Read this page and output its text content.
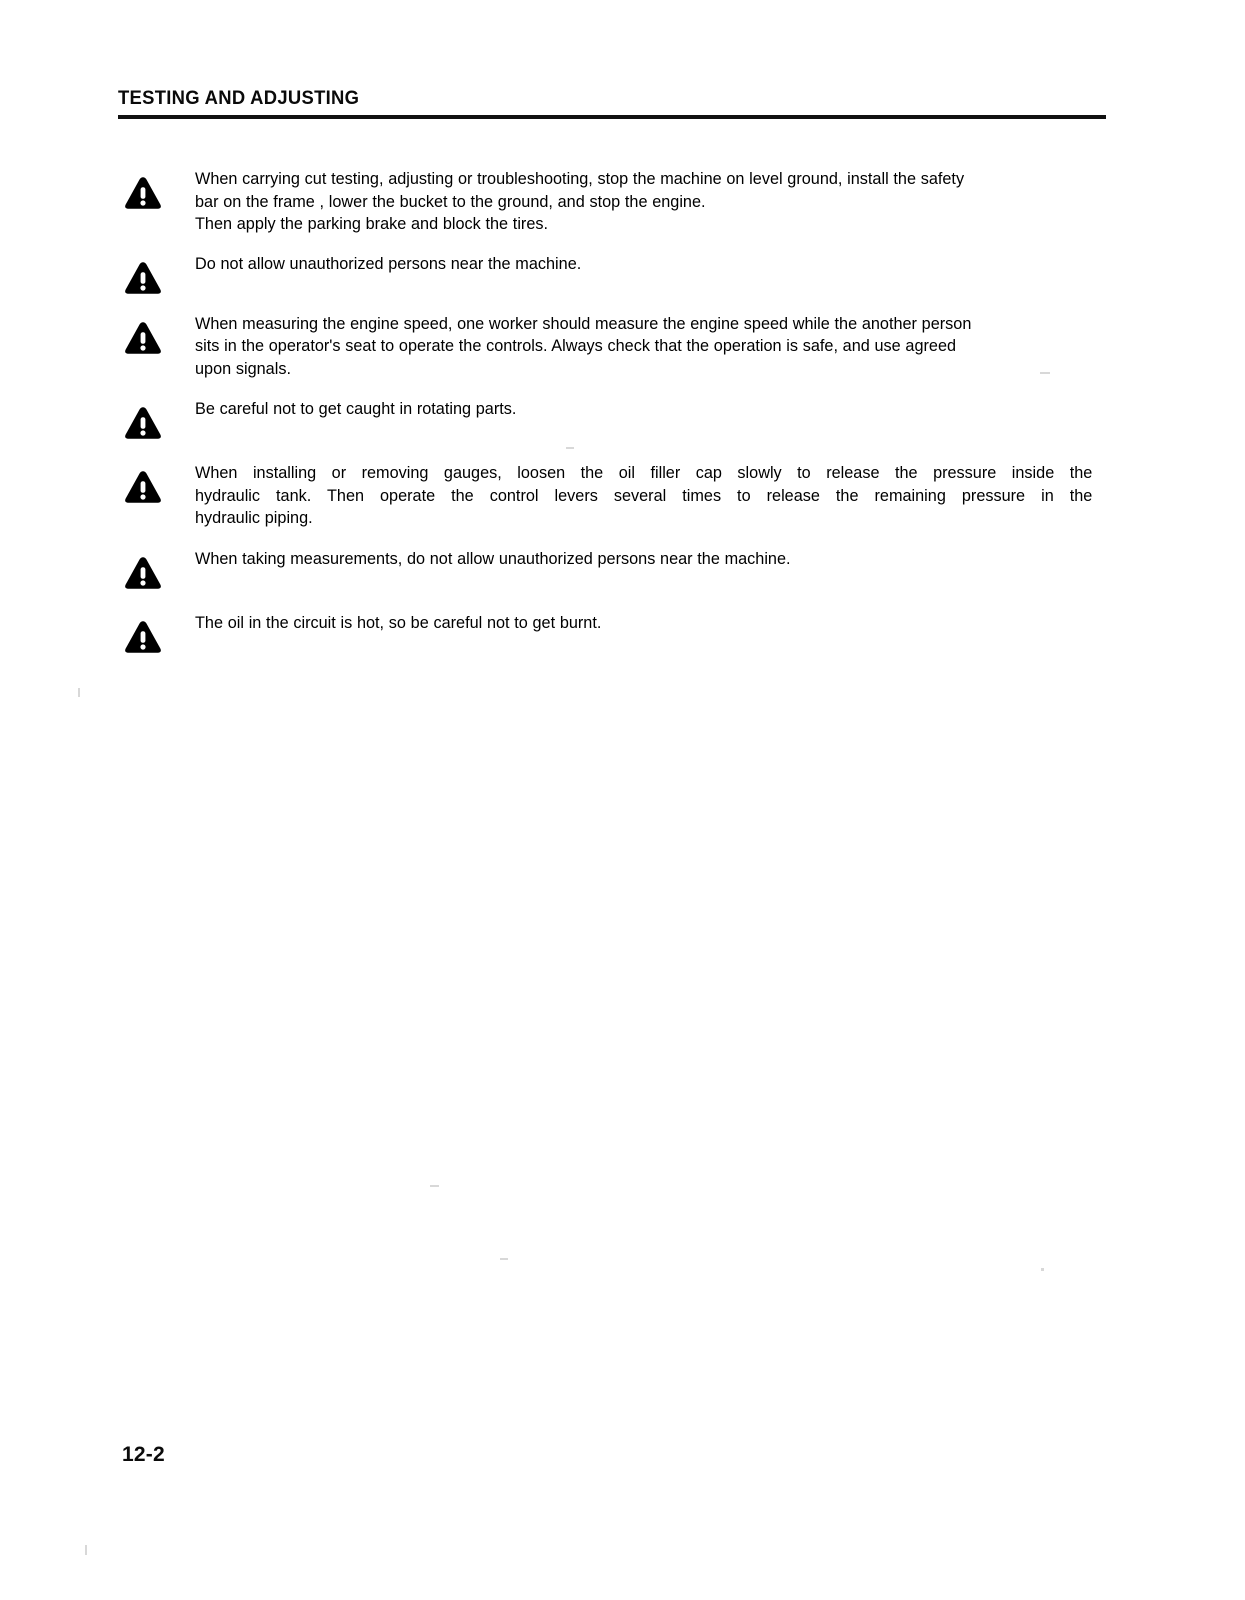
TESTING AND ADJUSTING
When carrying cut testing, adjusting or troubleshooting, stop the machine on level ground, install the safety
bar on the frame , lower the bucket to the ground, and stop the engine.
Then apply the parking brake and block the tires.
Do not allow unauthorized persons near the machine.
When measuring the engine speed, one worker should measure the engine speed while the another person
sits in the operator's seat to operate the controls. Always check that the operation is safe, and use agreed
upon signals.
Be careful not to get caught in rotating parts.
When installing or removing gauges, loosen the oil filler cap slowly to release the pressure inside the
hydraulic tank. Then operate the control levers several times to release the remaining pressure in the
hydraulic piping.
When taking measurements, do not allow unauthorized persons near the machine.
The oil in the circuit is hot, so be careful not to get burnt.
12-2
